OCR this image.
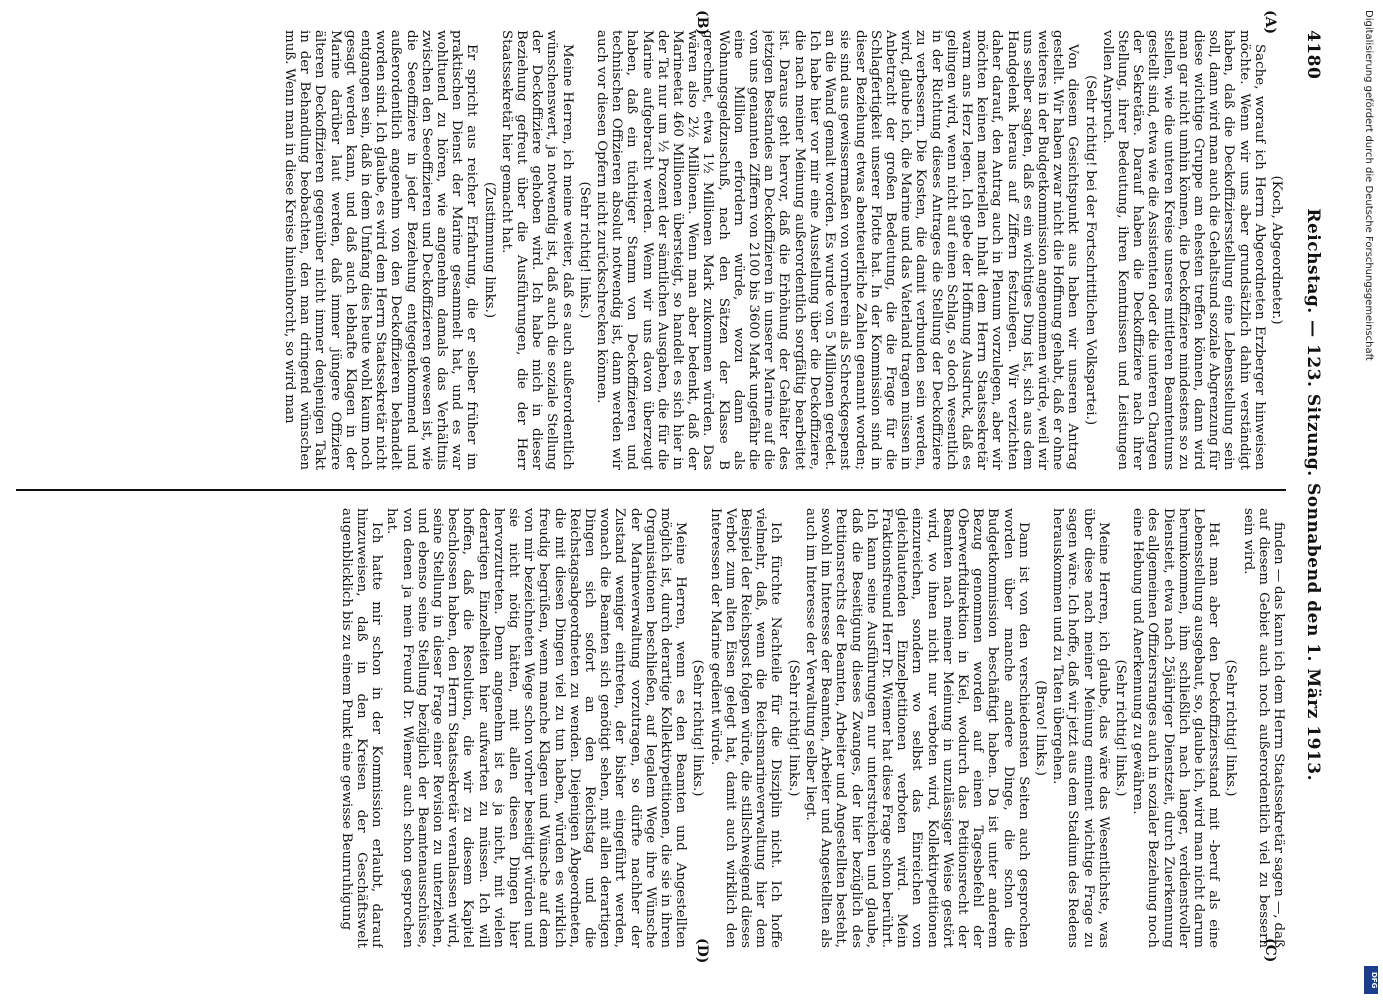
4180
Reichstag. — 123. Sitzung. Sonnabend den 1. März 1913.
(A)
(B)
(C)
(D)

(Koch, Abgeordneter.)

Sache, worauf ich Herrn Abgeordneten Erzberger hinweisen möchte. Wenn wir uns aber grundsätzlich dahin verständigt haben, daß die Deckoffiziersstellung eine Lebensstellung sein soll, dann wird man auch die Gehaltsund soziale Abgrenzung für diese wichtige Gruppe am ehesten treffen können, dann wird man gar nicht umhin können, die Deckoffiziere mindestens so zu stellen, wie die unteren Kreise unseres mittleren Beamtentums gestellt sind, etwa wie die Assistenten oder die unteren Chargen der Sekretäre. Darauf haben die Deckoffiziere nach ihrer Stellung, ihrer Bedeutung, ihren Kenntnissen und Leistungen vollen Anspruch.

(Sehr richtig! bei der Fortschrittlichen Volkspartei.)

Von diesem Gesichtspunkt aus haben wir unseren Antrag gestellt. Wir haben zwar nicht die Hoffnung gehabt, daß er ohne weiteres in der Budgetkommission angenommen würde, weil wir uns selber sagten, daß es ein wichtiges Ding ist, sich aus dem Handgelenk heraus auf Ziffern festzulegen. Wir verzichten daher darauf, den Antrag auch in Plenum vorzulegen, aber wir möchten keinen materiellen Inhalt dem Herrn Staatssekretär warm ans Herz legen. Ich gebe der Hoffnung Ausdruck, daß es gelingen wird, wenn nicht auf einen Schlag, so doch wesentlich in der Richtung dieses Antrages die Stellung der Deckoffiziere zu verbessern. Die Kosten, die damit verbunden sein werden, wird, glaube ich, die Marine und das Vaterland tragen müssen in Anbetracht der großen Bedeutung, die die Frage für die Schlagfertigkeit unserer Flotte hat. In der Kommission sind in dieser Beziehung etwas abenteuerliche Zahlen genannt worden; sie sind aus gewissermaßen von vornherein als Schreckgespenst an die Wand gemalt worden. Es wurde von 5 Millionen geredet. Ich habe hier vor mir eine Ausstellung über die Deckoffiziere, die nach meiner Meinung außerordentlich sorgfältig bearbeitet ist. Daraus geht hervor, daß die Erhöhung der Gehälter des jetzigen Bestandes an Deckoffizieren in unserer Marine auf die von uns genannten Ziffern von 2100 bis 3600 Mark ungefähr die eine Million erfordern würde, wozu dann als Wohnungsgeldzuschuß, nach den Sätzen der Klasse B gerechnet, etwa 1½ Millionen Mark zukommen würden. Das wären also 2½ Millionen. Wenn man aber bedenkt, daß der Marineetat 460 Millionen übersteigt, so handelt es sich hier in der Tat nur um ½ Prozent der sämtlichen Ausgaben, die für die Marine aufgebracht werden. Wenn wir uns davon überzeugt haben, daß ein tüchtiger Stamm von Deckoffizieren und technischen Offizieren absolut notwendig ist, dann werden wir auch vor diesen Opfern nicht zurückschrecken können.

(Sehr richtig! links.)

Meine Herren, ich meine weiter, daß es auch außerordentlich wünschenswert, ja notwendig ist, daß auch die soziale Stellung der Deckoffiziere gehoben wird. Ich habe mich in dieser Beziehung gefreut über die Ausführungen, die der Herr Staatssekretär hier gemacht hat.

(Zustimmung links.)

Er spricht aus reicher Erfahrung, die er selber früher im praktischen Dienst der Marine gesammelt hat, und es war wohltuend zu hören, wie angenehm damals das Verhältnis zwischen den Seeoffizieren und Deckoffizieren gewesen ist, wie die Seeoffiziere in jeder Beziehung entgegenkommend und außerordentlich angenehm von den Deckoffizieren behandelt worden sind. Ich glaube, es wird dem Herrn Staatssekretär nicht entgangen sein, daß in dem Umfang dies heute wohl kaum noch gesagt werden kann, und daß auch lebhafte Klagen in der Marine darüber laut werden, daß immer jüngere Offiziere älteren Deckoffizieren gegenüber nicht immer denjenigen Takt in der Behandlung beobachten, den man dringend wünschen muß. Wenn man in diese Kreise hineinhorcht, so wird man

finden — das kann ich dem Herrn Staatssekretär sagen —, daß auf diesem Gebiet auch noch außerordentlich viel zu bessern sein wird.

(Sehr richtig! links.)

Hat man aber den Deckoffiziersstand mit -beruf als eine Lebensstellung ausgebaut, so, glaube ich, wird man nicht darum herumkommen, ihm schließlich nach langer, verdienstvoller Diensteit, etwa nach 25jähriger Dienstzeit, durch Zuerkennung des allgemeinen Offiziersranges auch in sozialer Beziehung noch eine Hebung und Anerkennung zu gewähren.

(Sehr richtig! links.)

Meine Herren, ich glaube, das wäre das Wesentlichste, was über diese nach meiner Meinung eminent wichtige Frage zu sagen wäre. Ich hoffe, daß wir jetzt aus dem Stadium des Redens herauskommen und zu Taten übergehen.

(Bravo! links.)

Dann ist von den verschiedensten Seiten auch gesprochen worden über manche andere Dinge, die schon die Budgetkommission beschäftigt haben. Da ist unter anderem Bezug genommen worden auf einen Tagesbefehl der Oberwerftdirektion in Kiel, wodurch das Petitionsrecht der Beamten nach meiner Meinung in unzulässiger Weise gestört wird, wo ihnen nicht nur verboten wird, Kollektivpetitionen einzureichen, sondern wo selbst das Einreichen von gleichlautenden Einzelpetitionen verboten wird. Mein Fraktionsfreund Herr Dr. Wiemer hat diese Frage schon berührt. Ich kann seine Ausführungen nur unterstreichen und glaube, daß die Beseitigung dieses Zwanges, der hier bezüglich des Petitionsrechts der Beamten, Arbeiter und Angestellten besteht, sowohl im Interesse der Beamten, Arbeiter und Angestellten als auch im Interesse der Verwaltung selber liegt.

(Sehr richtig! links.)

Ich fürchte Nachteile für die Disziplin nicht. Ich hoffe vielmehr, daß, wenn die Reichsmarineverwaltung hier dem Beispiel der Reichspost folgen würde, die stillschweigend dieses Verbot zum alten Eisen gelegt hat, damit auch wirklich den Interessen der Marine gedient würde.

(Sehr richtig! links.)

Meine Herren, wenn es den Beamten und Angestellten möglich ist, durch derartige Kollektivpetitionen, die sie in ihren Organisationen beschließen, auf legalem Wege ihre Wünsche der Marineverwaltung vorzutragen, so dürfte nachher der Zustand weniger eintreten, der bisher eingeführt werden, wonach die Beamten sich genötigt sehen, mit allen derartigen Dingen sich sofort an den Reichstag und die Reichstagsabgeordneten zu wenden. Diejenigen Abgeordneten, die mit diesen Dingen viel zu tun haben, würden es wirklich freudig begrüßen, wenn manche Klagen und Wünsche auf dem von mir bezeichneten Wege schon vorher beseitigt würden und sie nicht nötig hätten, mit allen diesen Dingen hier hervorzutreten. Denn angenehm ist es ja nicht, mit vielen derartigen Einzelheiten hier aufwarten zu müssen. Ich will hoffen, daß die Resolution, die wir zu diesem Kapitel beschlossen haben, den Herrn Staatssekretär veranlassen wird, seine Stellung in dieser Frage einer Revision zu unterziehen, und ebenso seine Stellung bezüglich der Beamtenausschüsse, von denen ja mein Freund Dr. Wiemer auch schon gesprochen hat.

Ich hatte mir schon in der Kommission erlaubt, darauf hinzuweisen, daß in den Kreisen der Geschäftswelt augenblicklich bis zu einem Punkt eine gewisse Beunruhigung

Digitalisierung gefördert durch die Deutsche Forschungsgemeinschaft
DFG
